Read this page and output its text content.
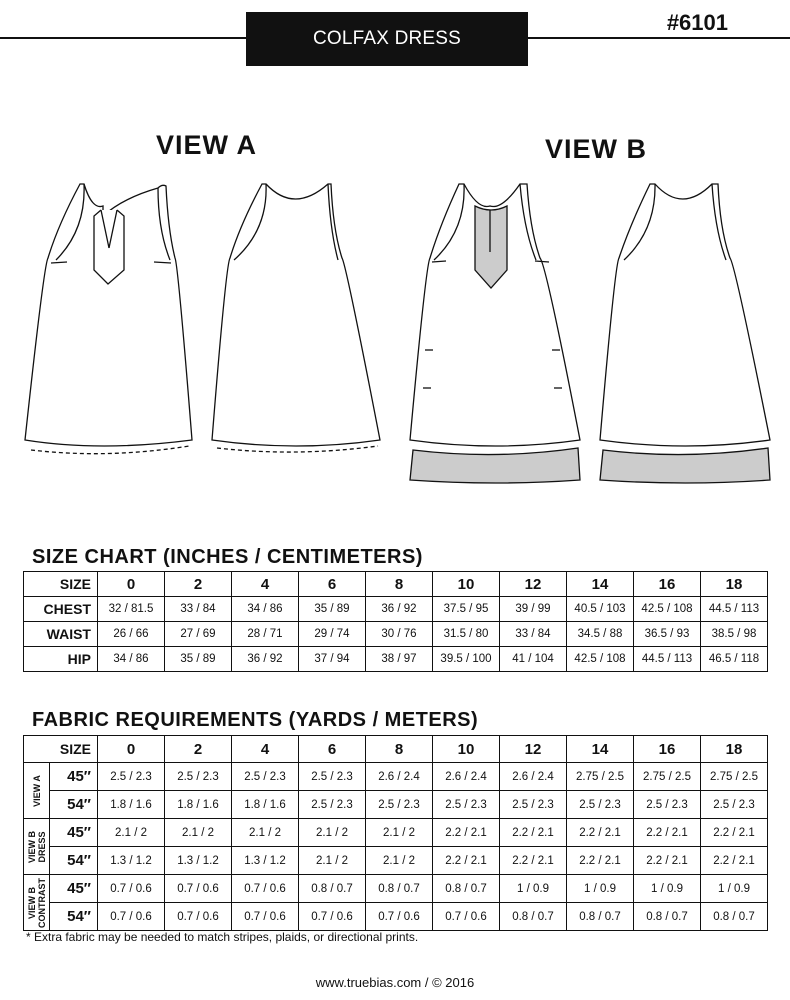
COLFAX DRESS
#6101
VIEW A	VIEW B
SIZE CHART (INCHES / CENTIMETERS)
SIZE	0	2	4	6	8	10	12	14	16	18
CHEST	32 / 81.5	33 / 84	34 / 86	35 / 89	36 / 92	37.5 / 95	39 / 99	40.5 / 103	42.5 / 108	44.5 / 113
WAIST	26 / 66	27 / 69	28 / 71	29 / 74	30 / 76	31.5 / 80	33 / 84	34.5 / 88	36.5 / 93	38.5 / 98
HIP	34 / 86	35 / 89	36 / 92	37 / 94	38 / 97	39.5 / 100	41 / 104	42.5 / 108	44.5 / 113	46.5 / 118
FABRIC REQUIREMENTS (YARDS / METERS)
SIZE		0	2	4	6	8	10	12	14	16	18

VIEW A	45″	2.5 / 2.3	2.5 / 2.3	2.5 / 2.3	2.5 / 2.3	2.6 / 2.4	2.6 / 2.4	2.6 / 2.4	2.75 / 2.5	2.75 / 2.5	2.75 / 2.5
	54″	1.8 / 1.6	1.8 / 1.6	1.8 / 1.6	2.5 / 2.3	2.5 / 2.3	2.5 / 2.3	2.5 / 2.3	2.5 / 2.3	2.5 / 2.3	2.5 / 2.3

VIEW B DRESS	45″	2.1 / 2	2.1 / 2	2.1 / 2	2.1 / 2	2.1 / 2	2.2 / 2.1	2.2 / 2.1	2.2 / 2.1	2.2 / 2.1	2.2 / 2.1
	54″	1.3 / 1.2	1.3 / 1.2	1.3 / 1.2	2.1 / 2	2.1 / 2	2.2 / 2.1	2.2 / 2.1	2.2 / 2.1	2.2 / 2.1	2.2 / 2.1

VIEW B CONTRAST	45″	0.7 / 0.6	0.7 / 0.6	0.7 / 0.6	0.8 / 0.7	0.8 / 0.7	0.8 / 0.7	1 / 0.9	1 / 0.9	1 / 0.9	1 / 0.9
	54″	0.7 / 0.6	0.7 / 0.6	0.7 / 0.6	0.7 / 0.6	0.7 / 0.6	0.7 / 0.6	0.8 / 0.7	0.8 / 0.7	0.8 / 0.7	0.8 / 0.7
* Extra fabric may be needed to match stripes, plaids, or directional prints.
www.truebias.com / © 2016
